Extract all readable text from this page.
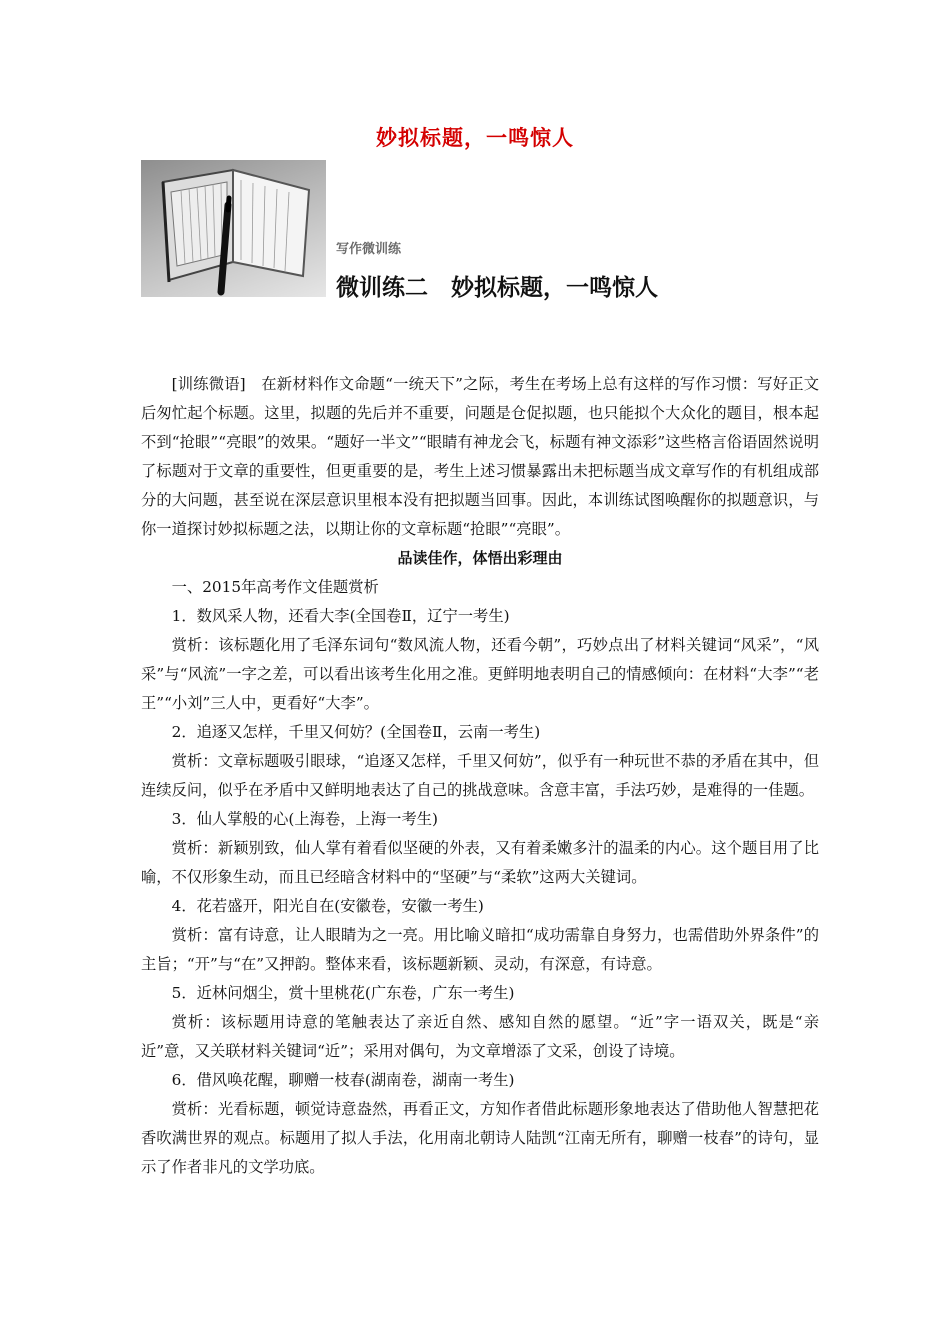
妙拟标题，一鸣惊人
写作微训练
微训练二　妙拟标题，一鸣惊人

[训练微语]　在新材料作文命题“一统天下”之际，考生在考场上总有这样的写作习惯：写好正文后匆忙起个标题。这里，拟题的先后并不重要，问题是仓促拟题，也只能拟个大众化的题目，根本起不到“抢眼”“亮眼”的效果。“题好一半文”“眼睛有神龙会飞，标题有神文添彩”这些格言俗语固然说明了标题对于文章的重要性，但更重要的是，考生上述习惯暴露出未把标题当成文章写作的有机组成部分的大问题，甚至说在深层意识里根本没有把拟题当回事。因此，本训练试图唤醒你的拟题意识，与你一道探讨妙拟标题之法，以期让你的文章标题“抢眼”“亮眼”。

品读佳作，体悟出彩理由

一、2015年高考作文佳题赏析

1．数风采人物，还看大李(全国卷Ⅱ，辽宁一考生)

赏析：该标题化用了毛泽东词句“数风流人物，还看今朝”，巧妙点出了材料关键词“风采”，“风采”与“风流”一字之差，可以看出该考生化用之准。更鲜明地表明自己的情感倾向：在材料“大李”“老王”“小刘”三人中，更看好“大李”。

2．追逐又怎样，千里又何妨？(全国卷Ⅱ，云南一考生)

赏析：文章标题吸引眼球，“追逐又怎样，千里又何妨”，似乎有一种玩世不恭的矛盾在其中，但连续反问，似乎在矛盾中又鲜明地表达了自己的挑战意味。含意丰富，手法巧妙，是难得的一佳题。

3．仙人掌般的心(上海卷，上海一考生)

赏析：新颖别致，仙人掌有着看似坚硬的外表，又有着柔嫩多汁的温柔的内心。这个题目用了比喻，不仅形象生动，而且已经暗含材料中的“坚硬”与“柔软”这两大关键词。

4．花若盛开，阳光自在(安徽卷，安徽一考生)

赏析：富有诗意，让人眼睛为之一亮。用比喻义暗扣“成功需靠自身努力，也需借助外界条件”的主旨；“开”与“在”又押韵。整体来看，该标题新颖、灵动，有深意，有诗意。

5．近林问烟尘，赏十里桃花(广东卷，广东一考生)

赏析：该标题用诗意的笔触表达了亲近自然、感知自然的愿望。“近”字一语双关，既是“亲近”意，又关联材料关键词“近”；采用对偶句，为文章增添了文采，创设了诗境。

6．借风唤花醒，聊赠一枝春(湖南卷，湖南一考生)

赏析：光看标题，顿觉诗意盎然，再看正文，方知作者借此标题形象地表达了借助他人智慧把花香吹满世界的观点。标题用了拟人手法，化用南北朝诗人陆凯“江南无所有，聊赠一枝春”的诗句，显示了作者非凡的文学功底。
